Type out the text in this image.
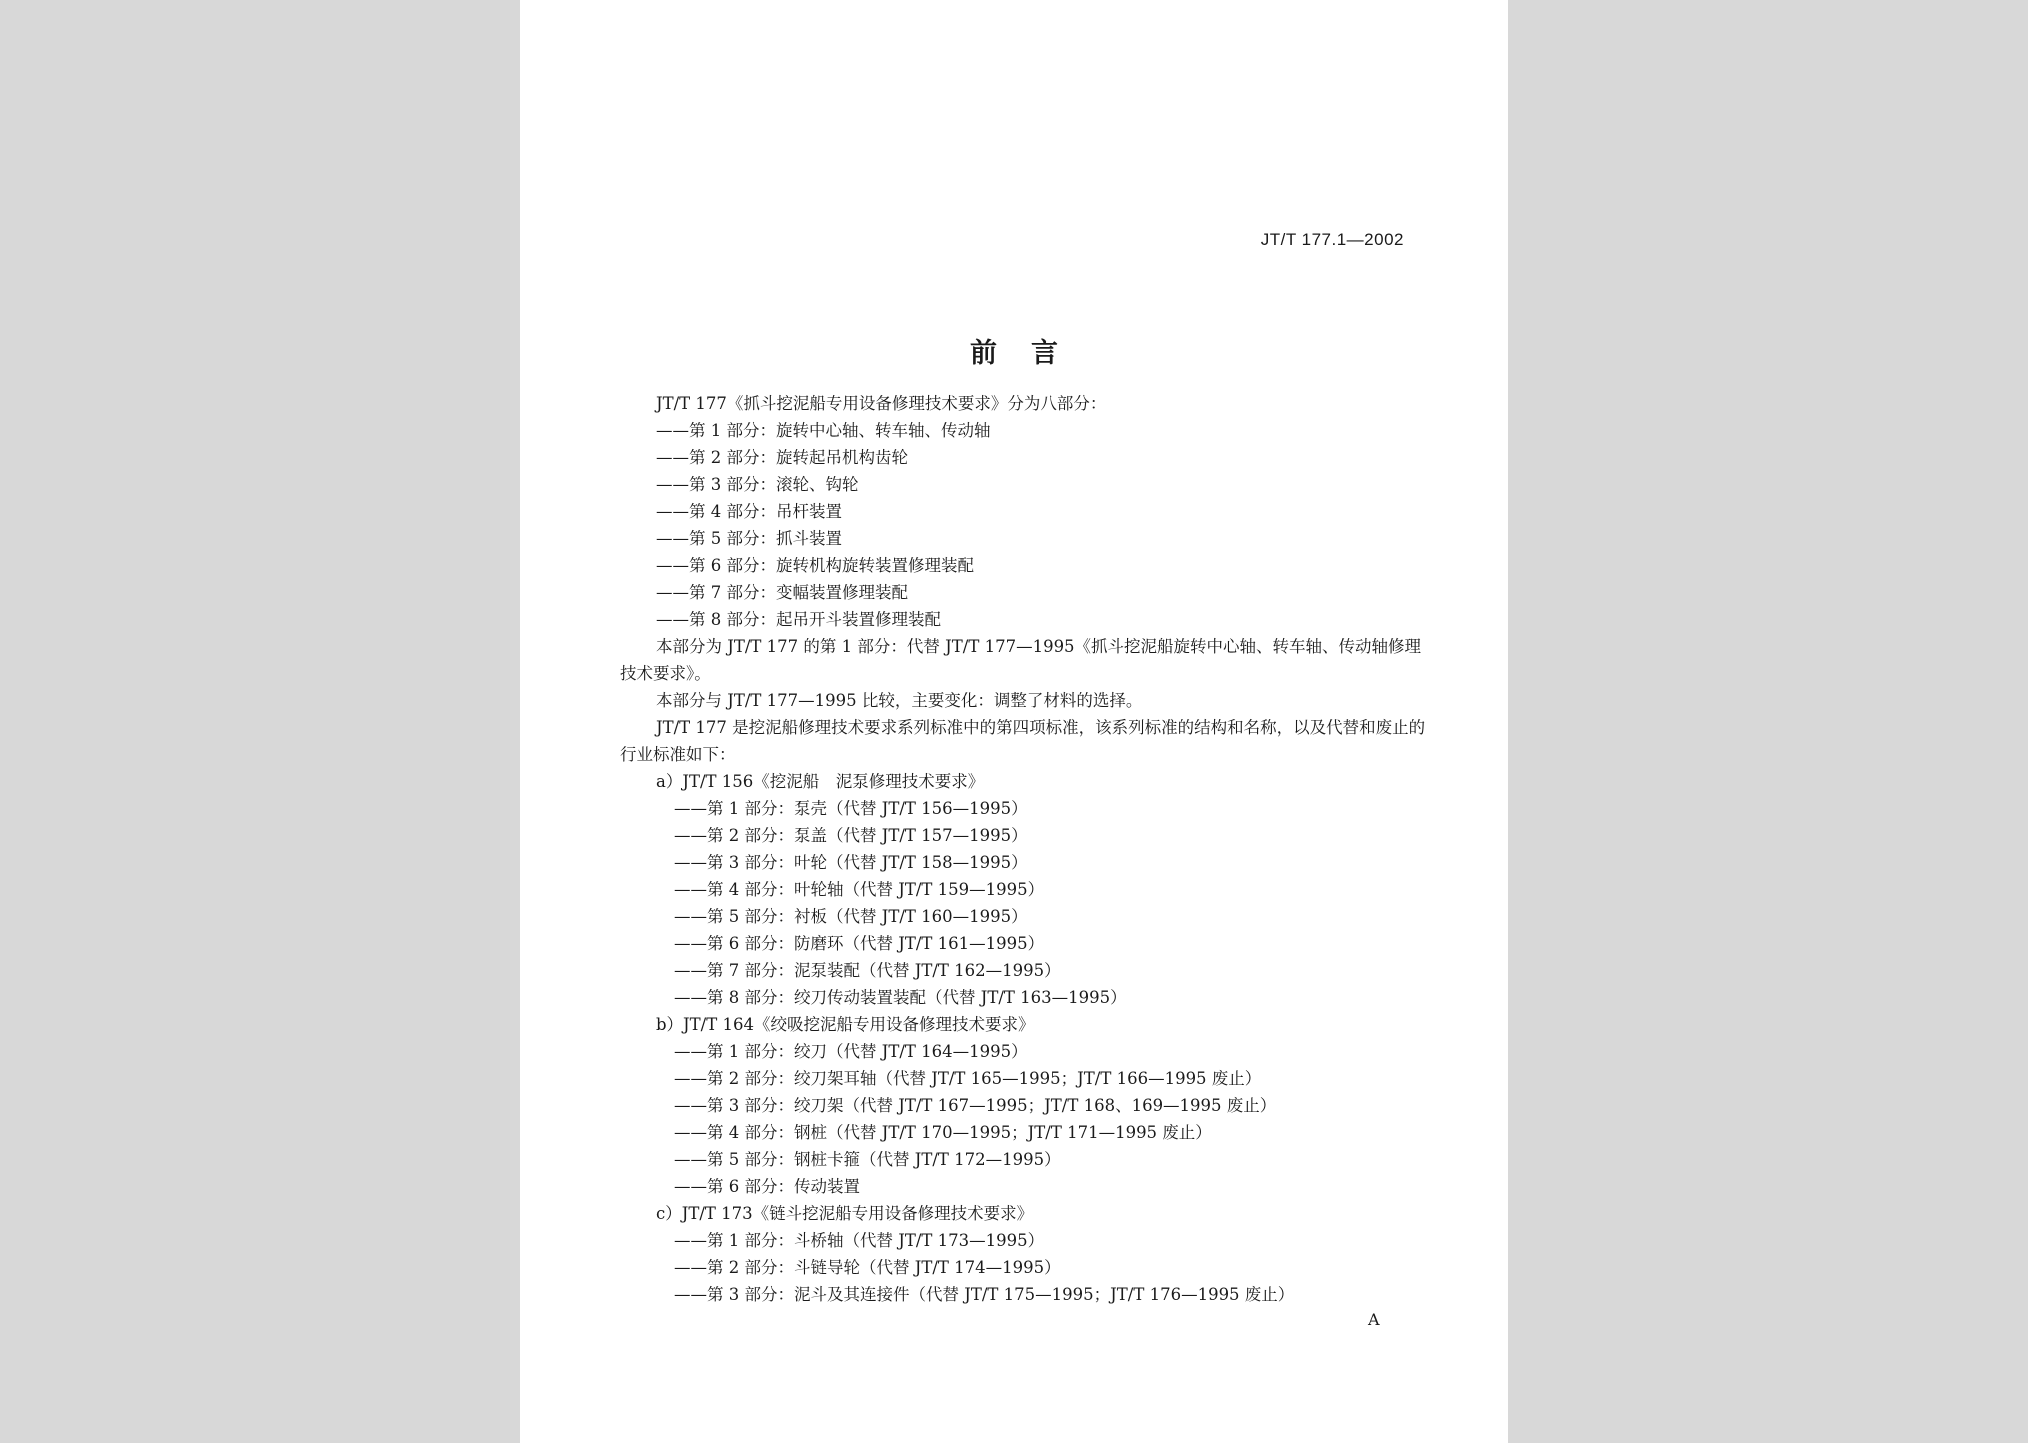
JT/T 177.1—2002
前言
JT/T 177《抓斗挖泥船专用设备修理技术要求》分为八部分：
——第 1 部分：旋转中心轴、转车轴、传动轴
——第 2 部分：旋转起吊机构齿轮
——第 3 部分：滚轮、钩轮
——第 4 部分：吊杆装置
——第 5 部分：抓斗装置
——第 6 部分：旋转机构旋转装置修理装配
——第 7 部分：变幅装置修理装配
——第 8 部分：起吊开斗装置修理装配
本部分为 JT/T 177 的第 1 部分：代替 JT/T 177—1995《抓斗挖泥船旋转中心轴、转车轴、传动轴修理技术要求》。
本部分与 JT/T 177—1995 比较，主要变化：调整了材料的选择。
JT/T 177 是挖泥船修理技术要求系列标准中的第四项标准，该系列标准的结构和名称，以及代替和废止的行业标准如下：
a）JT/T 156《挖泥船　泥泵修理技术要求》
——第 1 部分：泵壳（代替 JT/T 156—1995）
——第 2 部分：泵盖（代替 JT/T 157—1995）
——第 3 部分：叶轮（代替 JT/T 158—1995）
——第 4 部分：叶轮轴（代替 JT/T 159—1995）
——第 5 部分：衬板（代替 JT/T 160—1995）
——第 6 部分：防磨环（代替 JT/T 161—1995）
——第 7 部分：泥泵装配（代替 JT/T 162—1995）
——第 8 部分：绞刀传动装置装配（代替 JT/T 163—1995）
b）JT/T 164《绞吸挖泥船专用设备修理技术要求》
——第 1 部分：绞刀（代替 JT/T 164—1995）
——第 2 部分：绞刀架耳轴（代替 JT/T 165—1995；JT/T 166—1995 废止）
——第 3 部分：绞刀架（代替 JT/T 167—1995；JT/T 168、169—1995 废止）
——第 4 部分：钢桩（代替 JT/T 170—1995；JT/T 171—1995 废止）
——第 5 部分：钢桩卡箍（代替 JT/T 172—1995）
——第 6 部分：传动装置
c）JT/T 173《链斗挖泥船专用设备修理技术要求》
——第 1 部分：斗桥轴（代替 JT/T 173—1995）
——第 2 部分：斗链导轮（代替 JT/T 174—1995）
——第 3 部分：泥斗及其连接件（代替 JT/T 175—1995；JT/T 176—1995 废止）
A
